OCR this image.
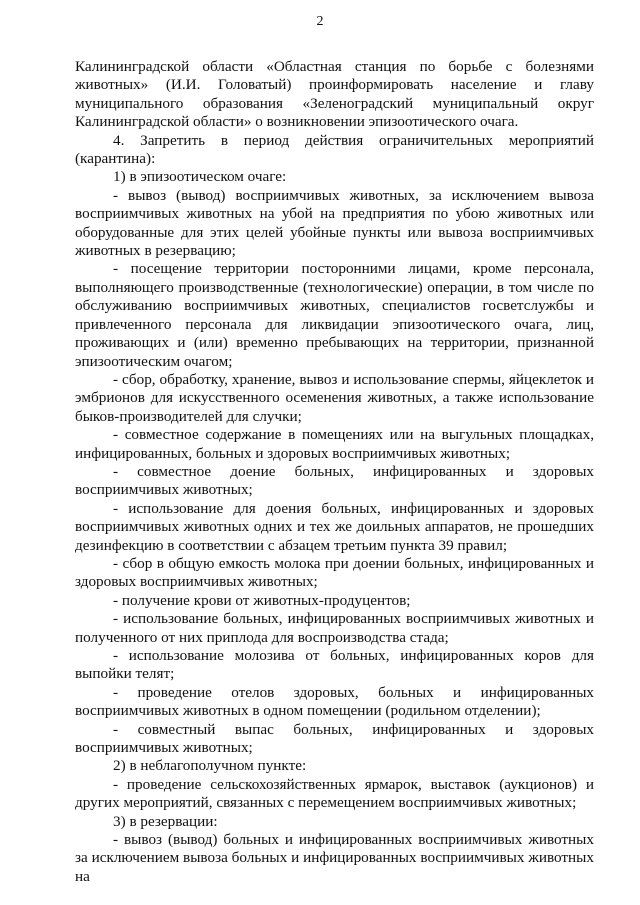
2

Калининградской области «Областная станция по борьбе с болезнями животных» (И.И. Головатый) проинформировать население и главу муниципального образования «Зеленоградский муниципальный округ Калининградской области» о возникновении эпизоотического очага.

4. Запретить в период действия ограничительных мероприятий (карантина):

1) в эпизоотическом очаге:

- вывоз (вывод) восприимчивых животных, за исключением вывоза восприимчивых животных на убой на предприятия по убою животных или оборудованные для этих целей убойные пункты или вывоза восприимчивых животных в резервацию;

- посещение территории посторонними лицами, кроме персонала, выполняющего производственные (технологические) операции, в том числе по обслуживанию восприимчивых животных, специалистов госветслужбы и привлеченного персонала для ликвидации эпизоотического очага, лиц, проживающих и (или) временно пребывающих на территории, признанной эпизоотическим очагом;

- сбор, обработку, хранение, вывоз и использование спермы, яйцеклеток и эмбрионов для искусственного осеменения животных, а также использование быков-производителей для случки;

- совместное содержание в помещениях или на выгульных площадках, инфицированных, больных и здоровых восприимчивых животных;

- совместное доение больных, инфицированных и здоровых восприимчивых животных;

- использование для доения больных, инфицированных и здоровых восприимчивых животных одних и тех же доильных аппаратов, не прошедших дезинфекцию в соответствии с абзацем третьим пункта 39 правил;

- сбор в общую емкость молока при доении больных, инфицированных и здоровых восприимчивых животных;

- получение крови от животных-продуцентов;

- использование больных, инфицированных восприимчивых животных и полученного от них приплода для воспроизводства стада;

- использование молозива от больных, инфицированных коров для выпойки телят;

- проведение отелов здоровых, больных и инфицированных восприимчивых животных в одном помещении (родильном отделении);

- совместный выпас больных, инфицированных и здоровых восприимчивых животных;

2) в неблагополучном пункте:

- проведение сельскохозяйственных ярмарок, выставок (аукционов) и других мероприятий, связанных с перемещением восприимчивых животных;

3) в резервации:

- вывоз (вывод) больных и инфицированных восприимчивых животных за исключением вывоза больных и инфицированных восприимчивых животных на
